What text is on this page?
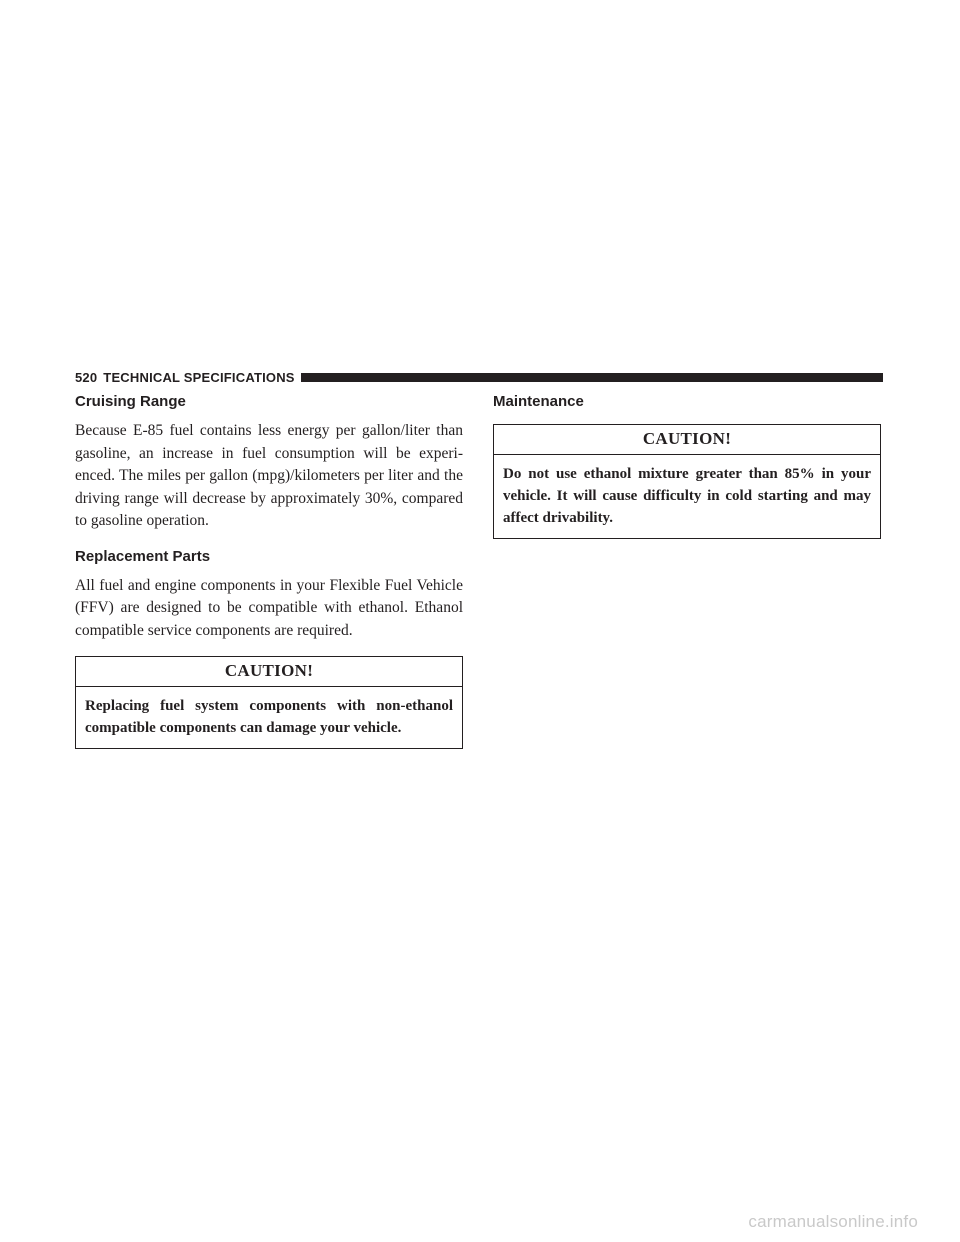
520 TECHNICAL SPECIFICATIONS
Cruising Range

Because E-85 fuel contains less energy per gallon/liter than gasoline, an increase in fuel consumption will be experi-enced. The miles per gallon (mpg)/kilometers per liter and the driving range will decrease by approximately 30%, compared to gasoline operation.

Replacement Parts

All fuel and engine components in your Flexible Fuel Vehicle (FFV) are designed to be compatible with ethanol. Ethanol compatible service components are required.

CAUTION!
Replacing fuel system components with non-ethanol compatible components can damage your vehicle.
Maintenance
CAUTION!
Do not use ethanol mixture greater than 85% in your vehicle. It will cause difficulty in cold starting and may affect drivability.
carmanualsonline.info
